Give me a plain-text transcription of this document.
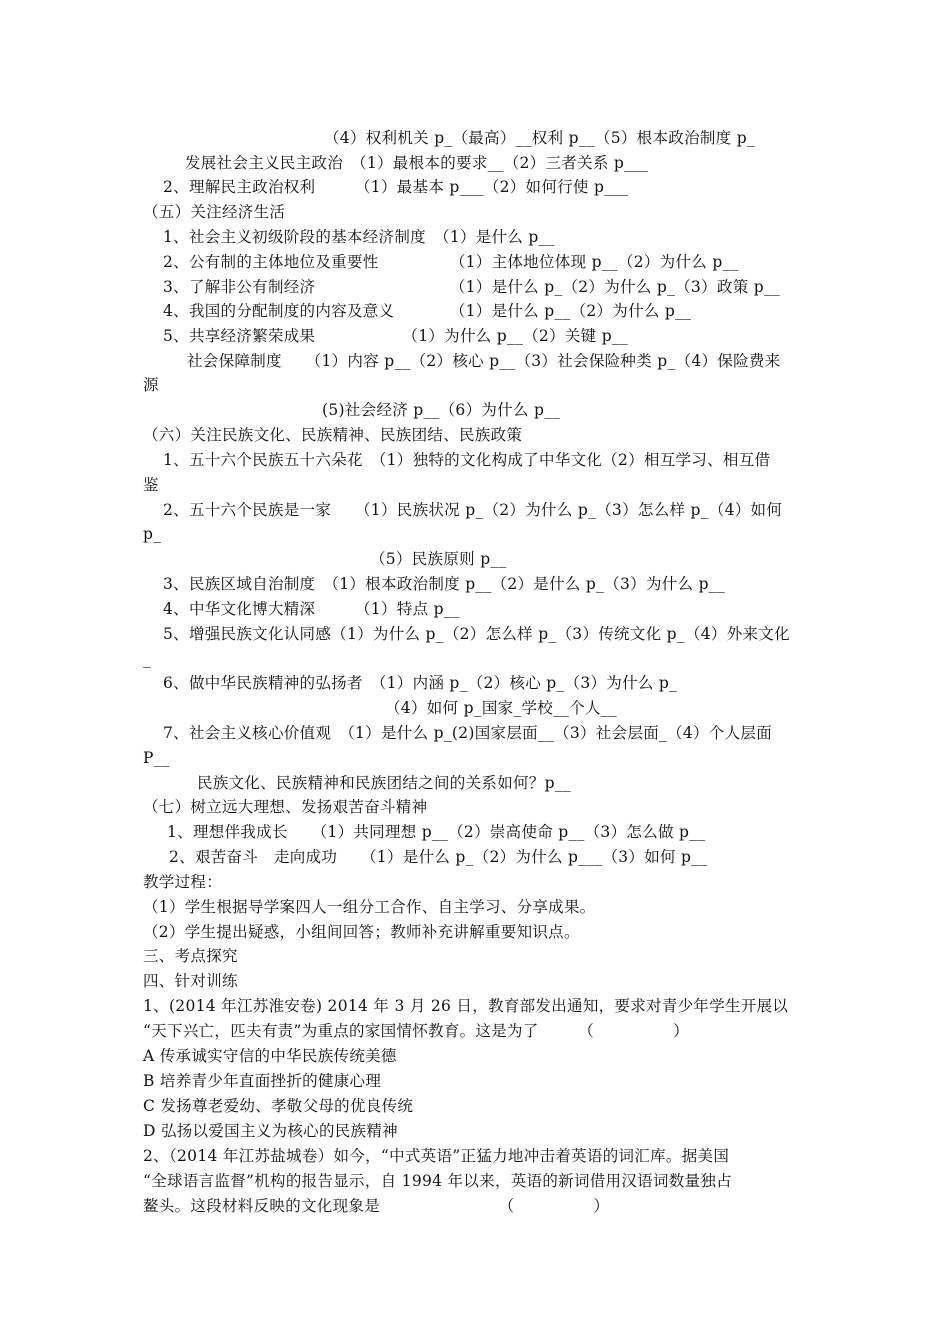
（4）权利机关 p_（最高）__权利 p__（5）根本政治制度 p_
发展社会主义民主政治　（1）最根本的要求__（2）三者关系 p___
2、理解民主政治权利　　　（1）最基本 p___（2）如何行使 p___
（五）关注经济生活
1、社会主义初级阶段的基本经济制度　（1）是什么 p__
2、公有制的主体地位及重要性　　　　　（1）主体地位体现 p__（2）为什么 p__
3、了解非公有制经济　　　　　　　　　（1）是什么 p_（2）为什么 p_（3）政策 p__
4、我国的分配制度的内容及意义　　　　（1）是什么 p__（2）为什么 p__
5、共享经济繁荣成果　　　　　　（1）为什么 p__（2）关键 p__
社会保障制度　　（1）内容 p__（2）核心 p__（3）社会保险种类 p_（4）保险费来
源
(5)社会经济 p__（6）为什么 p__
（六）关注民族文化、民族精神、民族团结、民族政策
1、五十六个民族五十六朵花　（1）独特的文化构成了中华文化（2）相互学习、相互借
鉴
2、五十六个民族是一家　　（1）民族状况 p_（2）为什么 p_（3）怎么样 p_（4）如何
p_
（5）民族原则 p__
3、民族区域自治制度　（1）根本政治制度 p__（2）是什么 p_（3）为什么 p__
4、中华文化博大精深　　　（1）特点 p__
5、增强民族文化认同感（1）为什么 p_（2）怎么样 p_（3）传统文化 p_（4）外来文化
_
6、做中华民族精神的弘扬者　（1）内涵 p_（2）核心 p_（3）为什么 p_
（4）如何 p_国家_学校__个人__
7、社会主义核心价值观　（1）是什么 p_(2)国家层面__（3）社会层面_（4）个人层面
P__
民族文化、民族精神和民族团结之间的关系如何？p__
（七）树立远大理想、发扬艰苦奋斗精神
1、理想伴我成长　　（1）共同理想 p__（2）崇高使命 p__（3）怎么做 p__
2、艰苦奋斗　走向成功　　（1）是什么 p_（2）为什么 p___（3）如何 p__
教学过程：
（1）学生根据导学案四人一组分工合作、自主学习、分享成果。
（2）学生提出疑惑，小组间回答；教师补充讲解重要知识点。
三、考点探究
四、针对训练
1、(2014 年江苏淮安卷) 2014 年 3 月 26 日，教育部发出通知，要求对青少年学生开展以
“天下兴亡，匹夫有责”为重点的家国情怀教育。这是为了　　　（　　　　　）
A 传承诚实守信的中华民族传统美德
B 培养青少年直面挫折的健康心理
C 发扬尊老爱幼、孝敬父母的优良传统
D 弘扬以爱国主义为核心的民族精神
2、（2014 年江苏盐城卷）如今，“中式英语”正猛力地冲击着英语的词汇库。据美国
“全球语言监督”机构的报告显示，自 1994 年以来，英语的新词借用汉语词数量独占
鳌头。这段材料反映的文化现象是　　　　　　　　（　　　　　）
